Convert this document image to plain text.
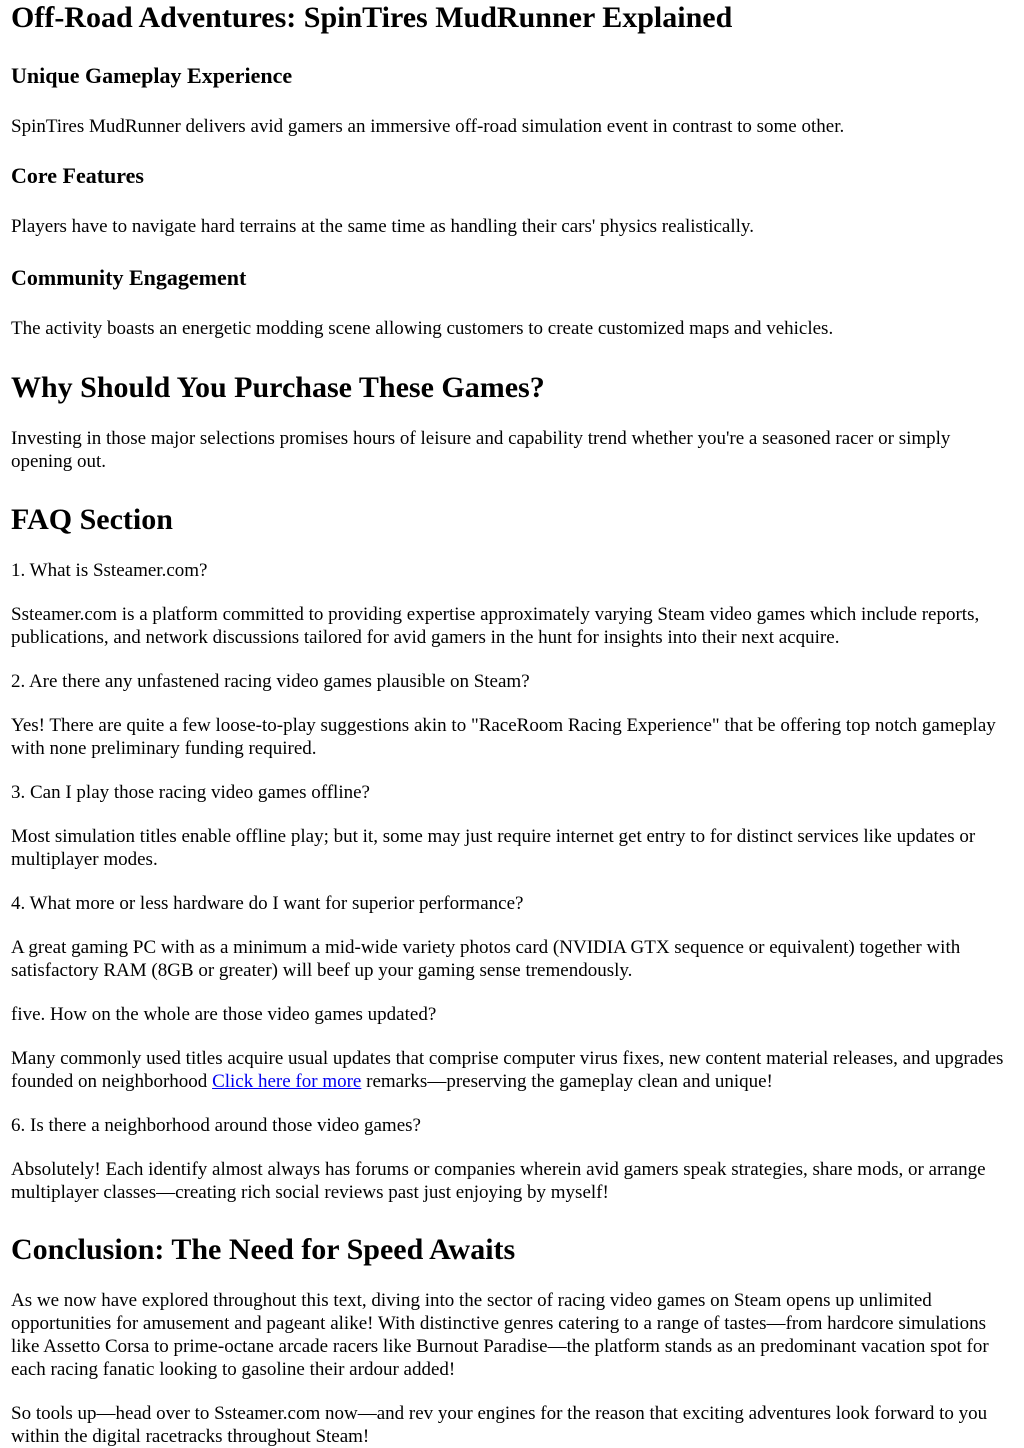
Off-Road Adventures: SpinTires MudRunner Explained
Unique Gameplay Experience

SpinTires MudRunner delivers avid gamers an immersive off-road simulation event in contrast to some other.

Core Features

Players have to navigate hard terrains at the same time as handling their cars' physics realistically.

Community Engagement

The activity boasts an energetic modding scene allowing customers to create customized maps and vehicles.

Why Should You Purchase These Games?

Investing in those major selections promises hours of leisure and capability trend whether you're a seasoned racer or simply opening out.

FAQ Section

1. What is Ssteamer.com?

Ssteamer.com is a platform committed to providing expertise approximately varying Steam video games which include reports, publications, and network discussions tailored for avid gamers in the hunt for insights into their next acquire.

2. Are there any unfastened racing video games plausible on Steam?

Yes! There are quite a few loose-to-play suggestions akin to "RaceRoom Racing Experience" that be offering top notch gameplay with none preliminary funding required.

3. Can I play those racing video games offline?

Most simulation titles enable offline play; but it, some may just require internet get entry to for distinct services like updates or multiplayer modes.

4. What more or less hardware do I want for superior performance?

A great gaming PC with as a minimum a mid-wide variety photos card (NVIDIA GTX sequence or equivalent) together with satisfactory RAM (8GB or greater) will beef up your gaming sense tremendously.

five. How on the whole are those video games updated?

Many commonly used titles acquire usual updates that comprise computer virus fixes, new content material releases, and upgrades founded on neighborhood Click here for more remarks—preserving the gameplay clean and unique!

6. Is there a neighborhood around those video games?

Absolutely! Each identify almost always has forums or companies wherein avid gamers speak strategies, share mods, or arrange multiplayer classes—creating rich social reviews past just enjoying by myself!

Conclusion: The Need for Speed Awaits

As we now have explored throughout this text, diving into the sector of racing video games on Steam opens up unlimited opportunities for amusement and pageant alike! With distinctive genres catering to a range of tastes—from hardcore simulations like Assetto Corsa to prime-octane arcade racers like Burnout Paradise—the platform stands as an predominant vacation spot for each racing fanatic looking to gasoline their ardour added!

So tools up—head over to Ssteamer.com now—and rev your engines for the reason that exciting adventures look forward to you within the digital racetracks throughout Steam!
